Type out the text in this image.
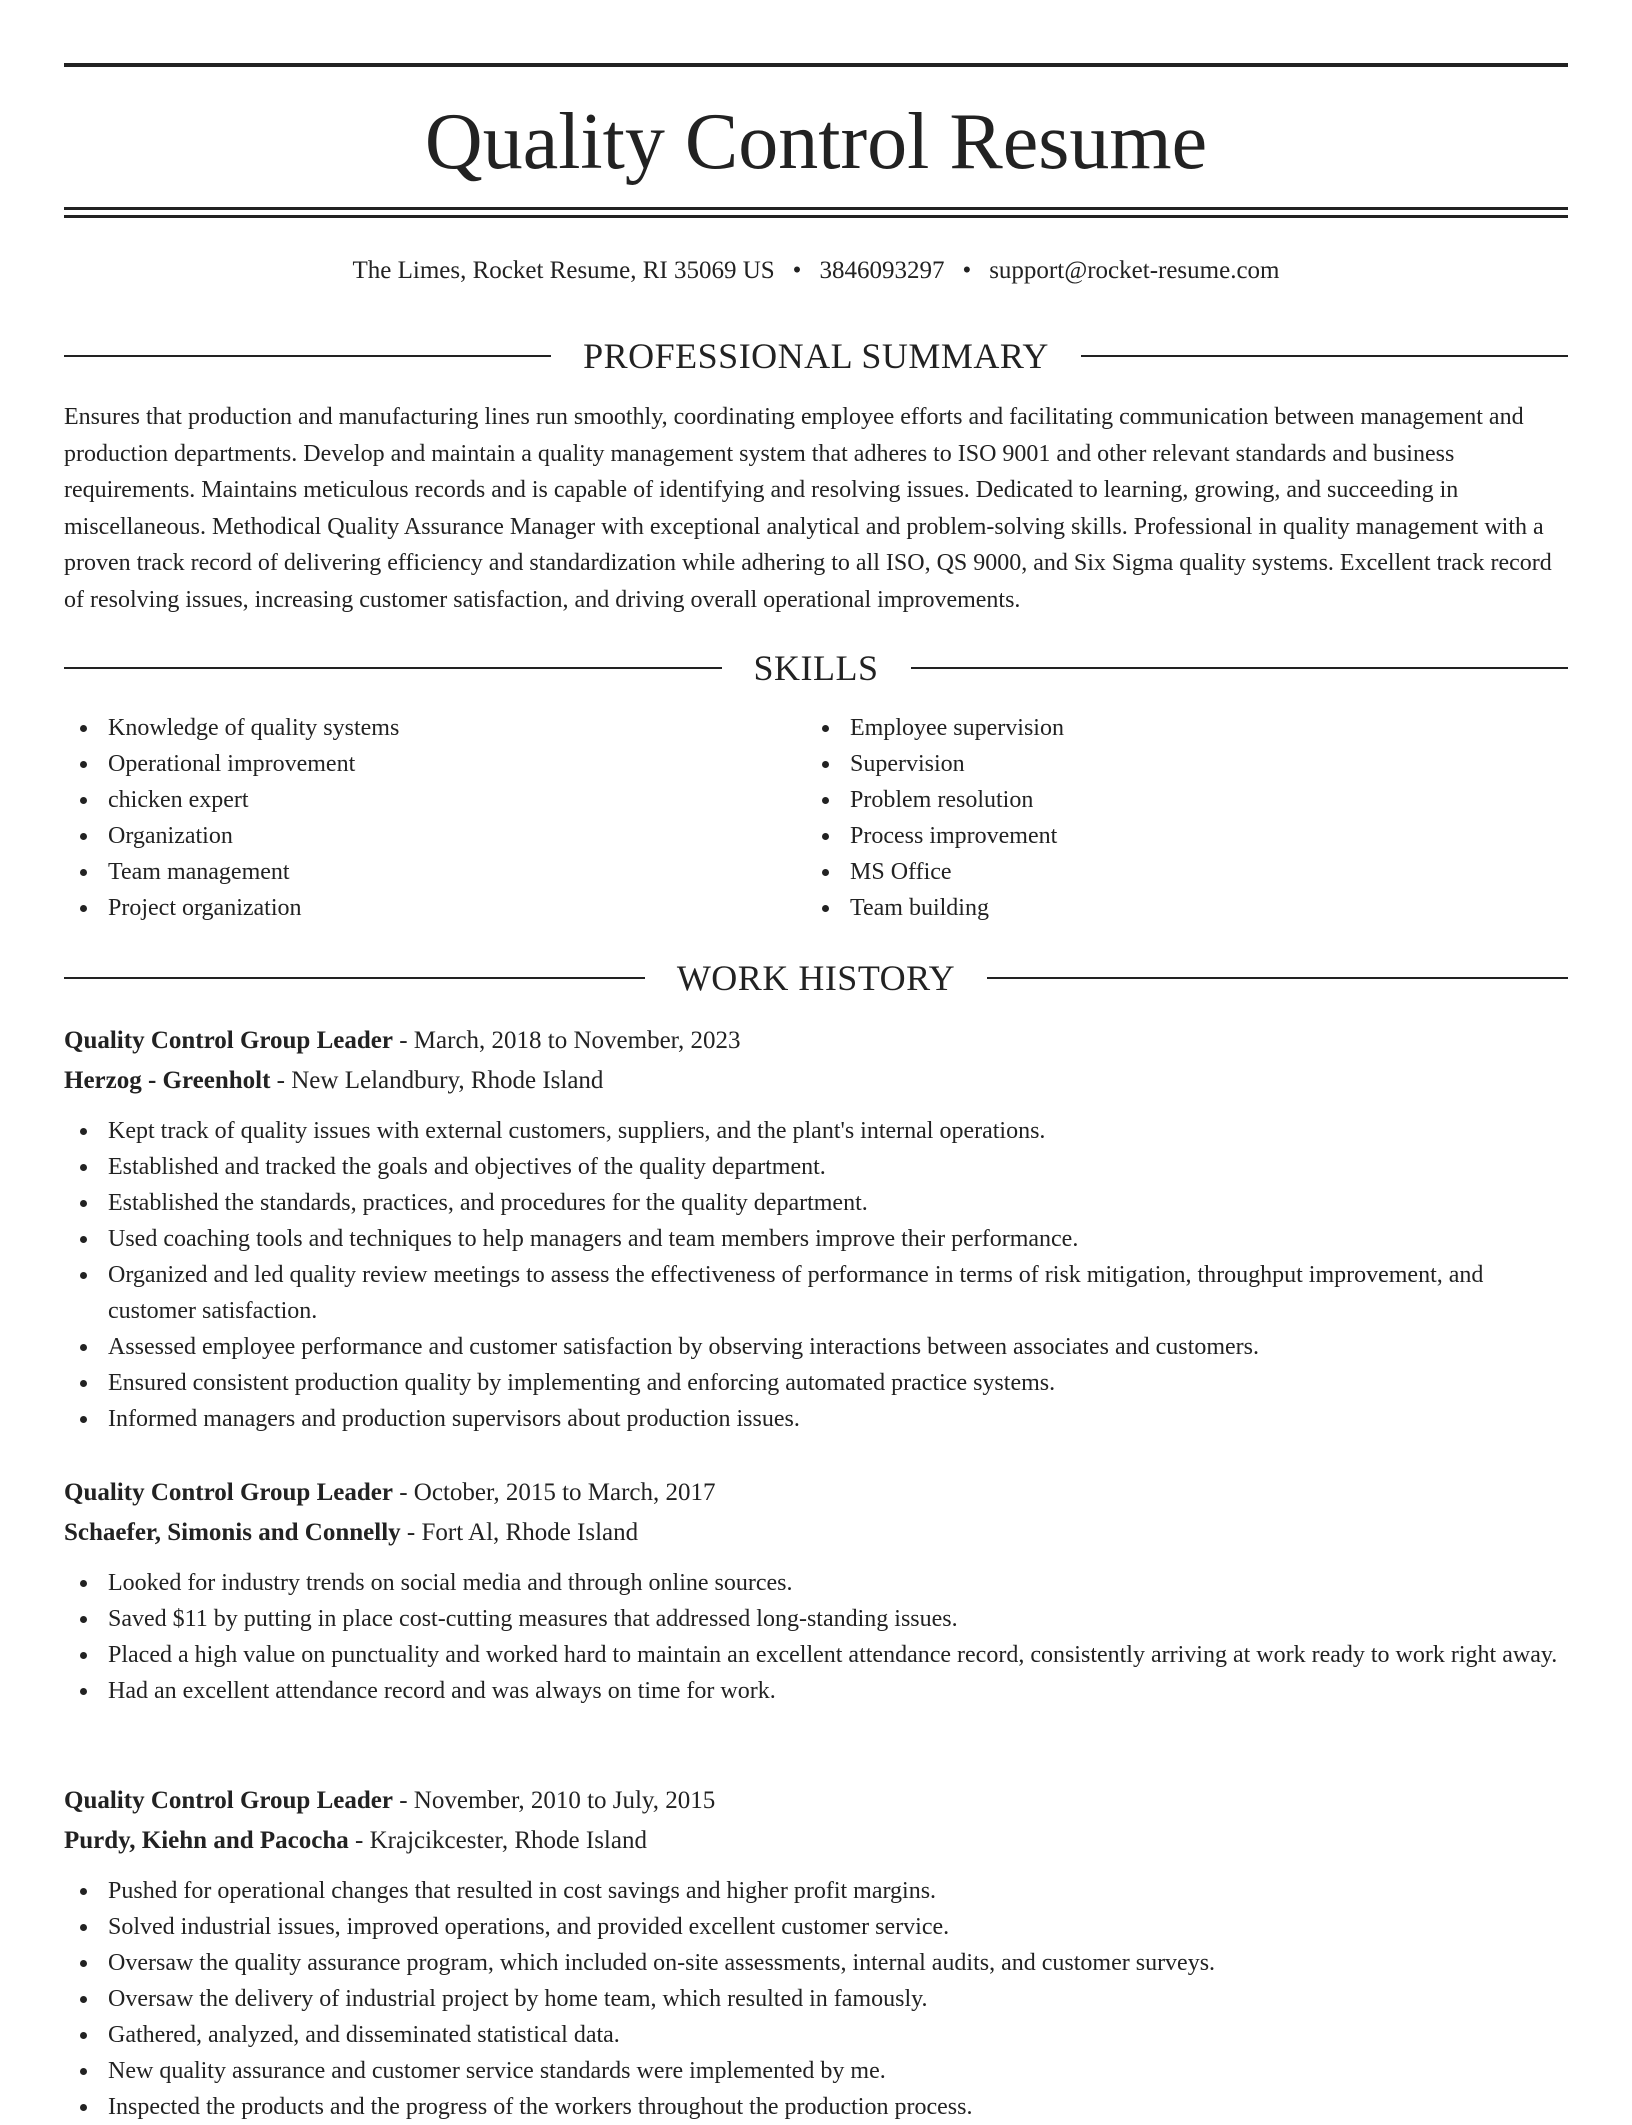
Quality Control Resume
The Limes, Rocket Resume, RI 35069 US • 3846093297 • support@rocket-resume.com
PROFESSIONAL SUMMARY

Ensures that production and manufacturing lines run smoothly, coordinating employee efforts and facilitating communication between management and production departments. Develop and maintain a quality management system that adheres to ISO 9001 and other relevant standards and business requirements. Maintains meticulous records and is capable of identifying and resolving issues. Dedicated to learning, growing, and succeeding in miscellaneous. Methodical Quality Assurance Manager with exceptional analytical and problem-solving skills. Professional in quality management with a proven track record of delivering efficiency and standardization while adhering to all ISO, QS 9000, and Six Sigma quality systems. Excellent track record of resolving issues, increasing customer satisfaction, and driving overall operational improvements.

SKILLS
Knowledge of quality systems
Operational improvement
chicken expert
Organization
Team management
Project organization
Employee supervision
Supervision
Problem resolution
Process improvement
MS Office
Team building
WORK HISTORY
Quality Control Group Leader - March, 2018 to November, 2023
Herzog - Greenholt - New Lelandbury, Rhode Island
Kept track of quality issues with external customers, suppliers, and the plant's internal operations.
Established and tracked the goals and objectives of the quality department.
Established the standards, practices, and procedures for the quality department.
Used coaching tools and techniques to help managers and team members improve their performance.
Organized and led quality review meetings to assess the effectiveness of performance in terms of risk mitigation, throughput improvement, and customer satisfaction.
Assessed employee performance and customer satisfaction by observing interactions between associates and customers.
Ensured consistent production quality by implementing and enforcing automated practice systems.
Informed managers and production supervisors about production issues.
Quality Control Group Leader - October, 2015 to March, 2017
Schaefer, Simonis and Connelly - Fort Al, Rhode Island
Looked for industry trends on social media and through online sources.
Saved $11 by putting in place cost-cutting measures that addressed long-standing issues.
Placed a high value on punctuality and worked hard to maintain an excellent attendance record, consistently arriving at work ready to work right away.
Had an excellent attendance record and was always on time for work.
Quality Control Group Leader - November, 2010 to July, 2015
Purdy, Kiehn and Pacocha - Krajcikcester, Rhode Island
Pushed for operational changes that resulted in cost savings and higher profit margins.
Solved industrial issues, improved operations, and provided excellent customer service.
Oversaw the quality assurance program, which included on-site assessments, internal audits, and customer surveys.
Oversaw the delivery of industrial project by home team, which resulted in famously.
Gathered, analyzed, and disseminated statistical data.
New quality assurance and customer service standards were implemented by me.
Inspected the products and the progress of the workers throughout the production process.
